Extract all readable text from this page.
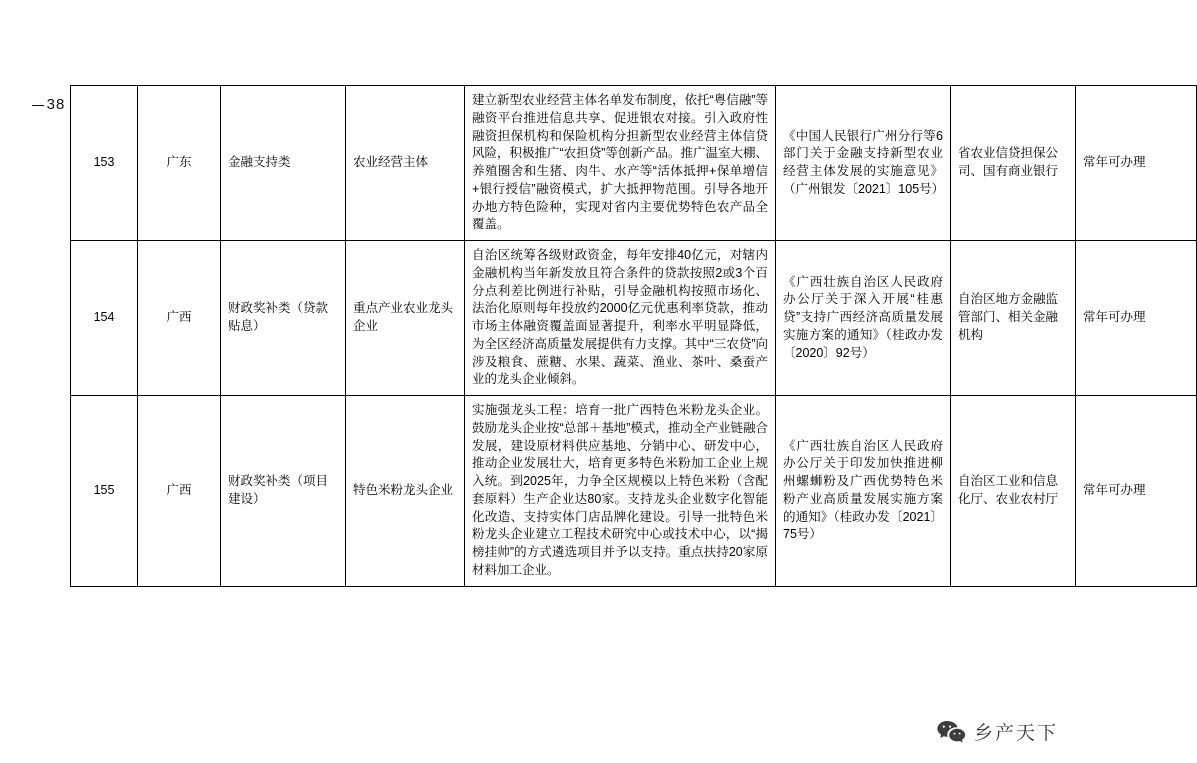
38
153	广东	金融支持类	农业经营主体	建立新型农业经营主体名单发布制度，依托“粤信融”等融资平台推进信息共享、促进银农对接。引入政府性融资担保机构和保险机构分担新型农业经营主体信贷风险，积极推广“农担贷”等创新产品。推广温室大棚、养殖圈舍和生猪、肉牛、水产等“活体抵押+保单增信+银行授信”融资模式，扩大抵押物范围。引导各地开办地方特色险种，实现对省内主要优势特色农产品全覆盖。	《中国人民银行广州分行等6部门关于金融支持新型农业经营主体发展的实施意见》（广州银发〔2021〕105号）	省农业信贷担保公司、国有商业银行	常年可办理
154	广西	财政奖补类（贷款贴息）	重点产业农业龙头企业	自治区统筹各级财政资金，每年安排40亿元，对辖内金融机构当年新发放且符合条件的贷款按照2或3个百分点利差比例进行补贴，引导金融机构按照市场化、法治化原则每年投放约2000亿元优惠利率贷款，推动市场主体融资覆盖面显著提升，利率水平明显降低，为全区经济高质量发展提供有力支撑。其中“三农贷”向涉及粮食、蔗糖、水果、蔬菜、渔业、茶叶、桑蚕产业的龙头企业倾斜。	《广西壮族自治区人民政府办公厅关于深入开展“桂惠贷”支持广西经济高质量发展实施方案的通知》（桂政办发〔2020〕92号）	自治区地方金融监管部门、相关金融机构	常年可办理
155	广西	财政奖补类（项目建设）	特色米粉龙头企业	实施强龙头工程：培育一批广西特色米粉龙头企业。鼓励龙头企业按“总部＋基地”模式，推动全产业链融合发展，建设原材料供应基地、分销中心、研发中心，推动企业发展壮大，培育更多特色米粉加工企业上规入统。到2025年，力争全区规模以上特色米粉（含配套原料）生产企业达80家。支持龙头企业数字化智能化改造、支持实体门店品牌化建设。引导一批特色米粉龙头企业建立工程技术研究中心或技术中心，以“揭榜挂帅”的方式遴选项目并予以支持。重点扶持20家原材料加工企业。	《广西壮族自治区人民政府办公厅关于印发加快推进柳州螺蛳粉及广西优势特色米粉产业高质量发展实施方案的通知》（桂政办发〔2021〕75号）	自治区工业和信息化厅、农业农村厅	常年可办理
乡产天下
